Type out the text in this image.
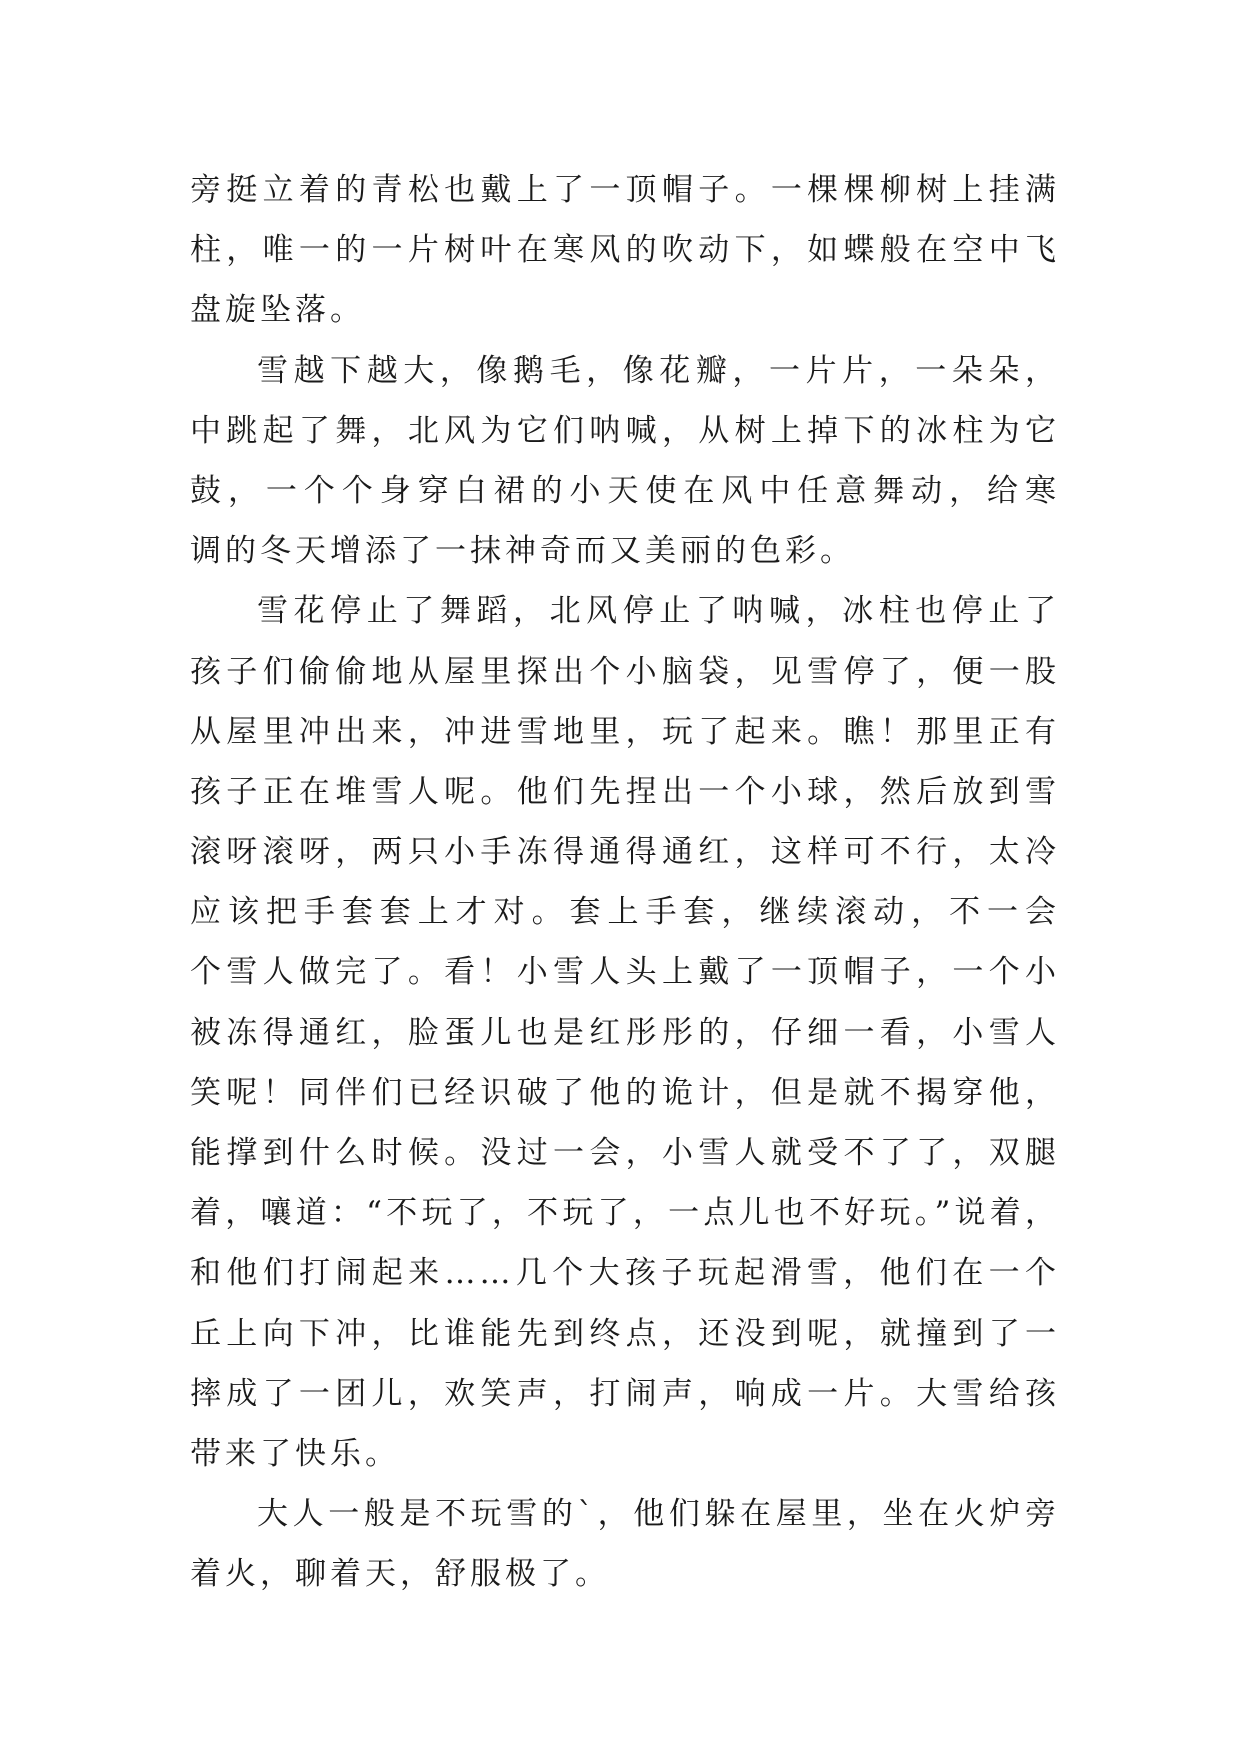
旁挺立着的青松也戴上了一顶帽子。一棵棵柳树上挂满
柱，唯一的一片树叶在寒风的吹动下，如蝶般在空中飞
盘旋坠落。
雪越下越大，像鹅毛，像花瓣，一片片，一朵朵，
中跳起了舞，北风为它们呐喊，从树上掉下的冰柱为它
鼓，一个个身穿白裙的小天使在风中任意舞动，给寒
调的冬天增添了一抹神奇而又美丽的色彩。
雪花停止了舞蹈，北风停止了呐喊，冰柱也停止了
孩子们偷偷地从屋里探出个小脑袋，见雪停了，便一股
从屋里冲出来，冲进雪地里，玩了起来。瞧！那里正有
孩子正在堆雪人呢。他们先捏出一个小球，然后放到雪
滚呀滚呀，两只小手冻得通得通红，这样可不行，太冷
应该把手套套上才对。套上手套，继续滚动，不一会
个雪人做完了。看！小雪人头上戴了一顶帽子，一个小
被冻得通红，脸蛋儿也是红彤彤的，仔细一看，小雪人
笑呢！同伴们已经识破了他的诡计，但是就不揭穿他，
能撑到什么时候。没过一会，小雪人就受不了了，双腿
着，嚷道：“不玩了，不玩了，一点儿也不好玩。”说着，
和他们打闹起来……几个大孩子玩起滑雪，他们在一个
丘上向下冲，比谁能先到终点，还没到呢，就撞到了一
摔成了一团儿，欢笑声，打闹声，响成一片。大雪给孩
带来了快乐。
大人一般是不玩雪的`，他们躲在屋里，坐在火炉旁
着火，聊着天，舒服极了。
